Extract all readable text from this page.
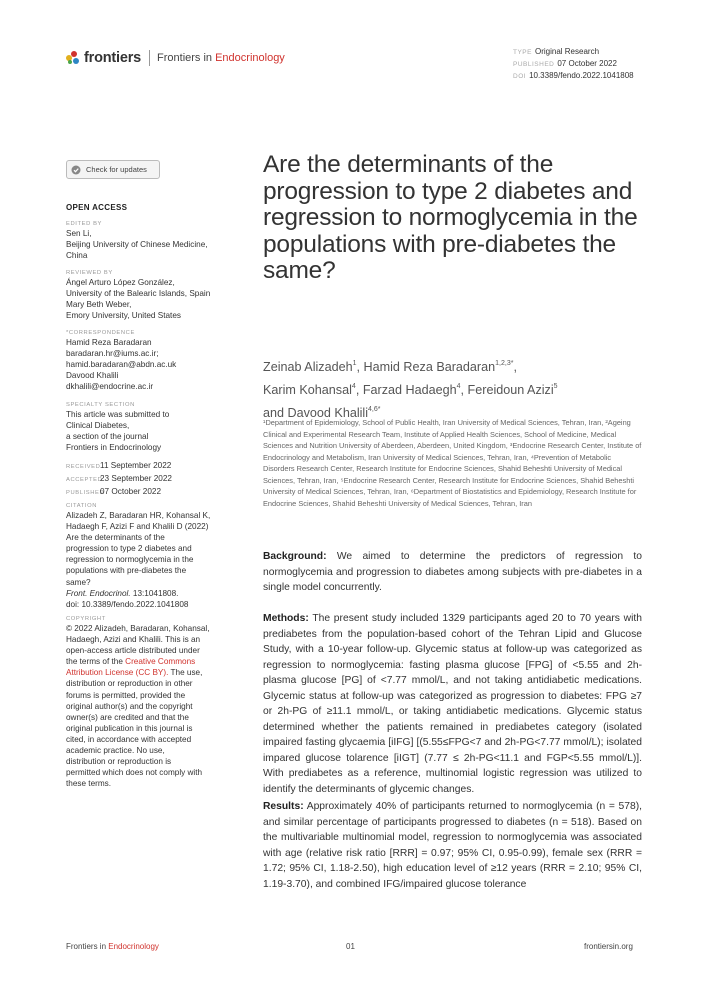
frontiers Frontiers in Endocrinology	TYPE Original Research
PUBLISHED 07 October 2022
DOI 10.3389/fendo.2022.1041808
Check for updates
OPEN ACCESS
EDITED BY
Sen Li,
Beijing University of Chinese Medicine,
China
REVIEWED BY
Ángel Arturo López González,
University of the Balearic Islands, Spain
Mary Beth Weber,
Emory University, United States
*CORRESPONDENCE
Hamid Reza Baradaran
baradaran.hr@iums.ac.ir;
hamid.baradaran@abdn.ac.uk
Davood Khalili
dkhalili@endocrine.ac.ir
SPECIALTY SECTION
This article was submitted to
Clinical Diabetes,
a section of the journal
Frontiers in Endocrinology
RECEIVED11 September 2022
ACCEPTED23 September 2022
PUBLISHED07 October 2022
CITATION
Alizadeh Z, Baradaran HR, Kohansal K,
Hadaegh F, Azizi F and Khalili D (2022)
Are the determinants of the
progression to type 2 diabetes and
regression to normoglycemia in the
populations with pre-diabetes the
same?
Front. Endocrinol. 13:1041808.
doi: 10.3389/fendo.2022.1041808
COPYRIGHT
© 2022 Alizadeh, Baradaran, Kohansal,
Hadaegh, Azizi and Khalili. This is an
open-access article distributed under
the terms of the Creative Commons
Attribution License (CC BY). The use,
distribution or reproduction in other
forums is permitted, provided the
original author(s) and the copyright
owner(s) are credited and that the
original publication in this journal is
cited, in accordance with accepted
academic practice. No use,
distribution or reproduction is
permitted which does not comply with
these terms.
Are the determinants of the progression to type 2 diabetes and regression to normoglycemia in the populations with pre-diabetes the same?
Zeinab Alizadeh$^1$, Hamid Reza Baradaran$^{1,2,3*}$,
Karim Kohansal$^4$, Farzad Hadaegh$^4$, Fereidoun Azizi$^5$
and Davood Khalili$^{4,6*}$
¹Department of Epidemiology, School of Public Health, Iran University of Medical Sciences, Tehran, Iran, ²Ageing Clinical and Experimental Research Team, Institute of Applied Health Sciences, School of Medicine, Medical Sciences and Nutrition University of Aberdeen, Aberdeen, United Kingdom, ³Endocrine Research Center, Institute of Endocrinology and Metabolism, Iran University of Medical Sciences, Tehran, Iran, ⁴Prevention of Metabolic Disorders Research Center, Research Institute for Endocrine Sciences, Shahid Beheshti University of Medical Sciences, Tehran, Iran, ⁵Endocrine Research Center, Research Institute for Endocrine Sciences, Shahid Beheshti University of Medical Sciences, Tehran, Iran, ⁶Department of Biostatistics and Epidemiology, Research Institute for Endocrine Sciences, Shahid Beheshti University of Medical Sciences, Tehran, Iran
Background: We aimed to determine the predictors of regression to normoglycemia and progression to diabetes among subjects with pre-diabetes in a single model concurrently.
Methods: The present study included 1329 participants aged 20 to 70 years with prediabetes from the population-based cohort of the Tehran Lipid and Glucose Study, with a 10-year follow-up. Glycemic status at follow-up was categorized as regression to normoglycemia: fasting plasma glucose [FPG] of <5.55 and 2h-plasma glucose [PG] of <7.77 mmol/L, and not taking antidiabetic medications. Glycemic status at follow-up was categorized as progression to diabetes: FPG ≥7 or 2h-PG of ≥11.1 mmol/L, or taking antidiabetic medications. Glycemic status determined whether the patients remained in prediabetes category (isolated impaired fasting glycaemia [iIFG] [(5.55≤FPG<7 and 2h-PG<7.77 mmol/L); isolated impared glucose tolarence [iIGT] (7.77 ≤ 2h-PG<11.1 and FGP<5.55 mmol/L)]. With prediabetes as a reference, multinomial logistic regression was utilized to identify the determinants of glycemic changes.
Results: Approximately 40% of participants returned to normoglycemia (n = 578), and similar percentage of participants progressed to diabetes (n = 518). Based on the multivariable multinomial model, regression to normoglycemia was associated with age (relative risk ratio [RRR] = 0.97; 95% CI, 0.95-0.99), female sex (RRR = 1.72; 95% CI, 1.18-2.50), high education level of ≥12 years (RRR = 2.10; 95% CI, 1.19-3.70), and combined IFG/impaired glucose tolerance
Frontiers in Endocrinology	01	frontiersin.org
